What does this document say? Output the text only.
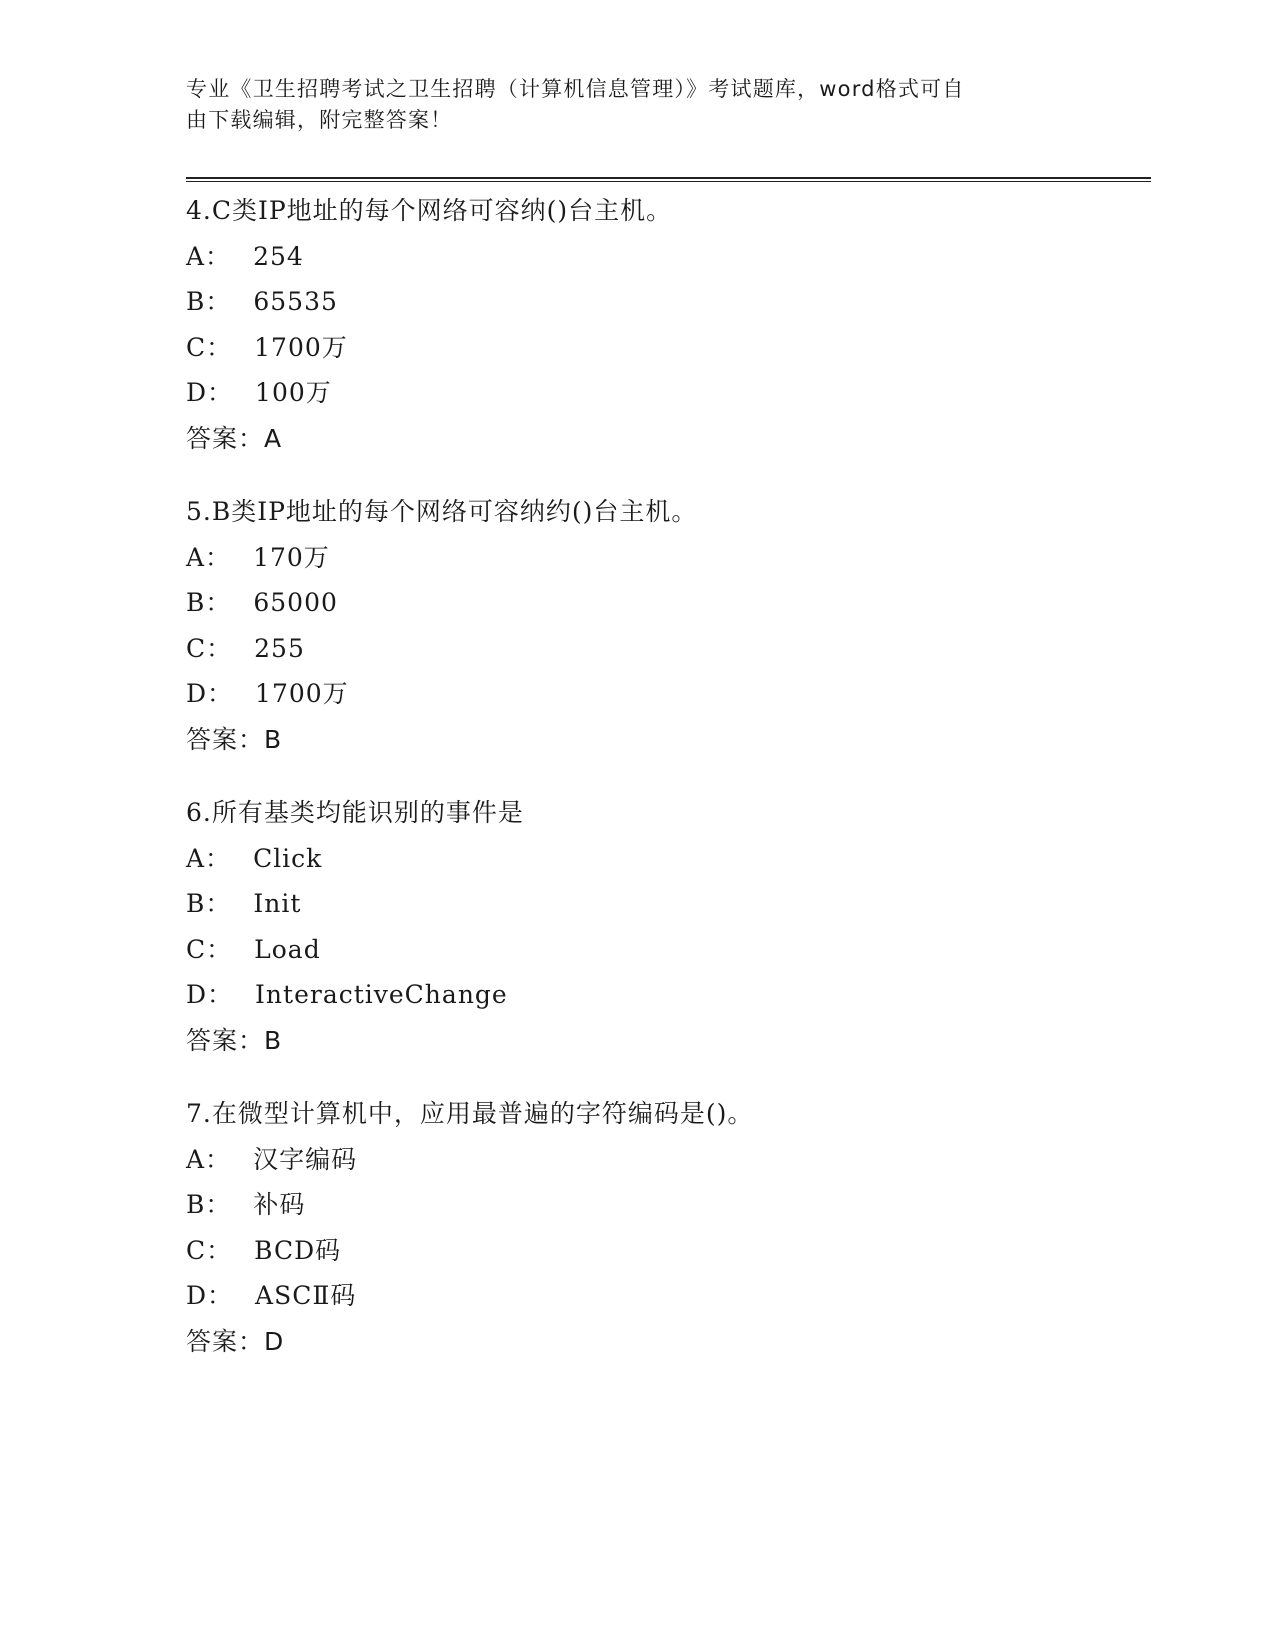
专业《卫生招聘考试之卫生招聘（计算机信息管理）》考试题库，word格式可自
由下载编辑，附完整答案！
4.C类IP地址的每个网络可容纳()台主机。
A： 254
B： 65535
C： 1700万
D： 100万
答案：A
5.B类IP地址的每个网络可容纳约()台主机。
A： 170万
B： 65000
C： 255
D： 1700万
答案：B
6.所有基类均能识别的事件是
A： Click
B： Init
C： Load
D： InteractiveChange
答案：B
7.在微型计算机中，应用最普遍的字符编码是()。
A： 汉字编码
B： 补码
C： BCD码
D： ASCⅡ码
答案：D
